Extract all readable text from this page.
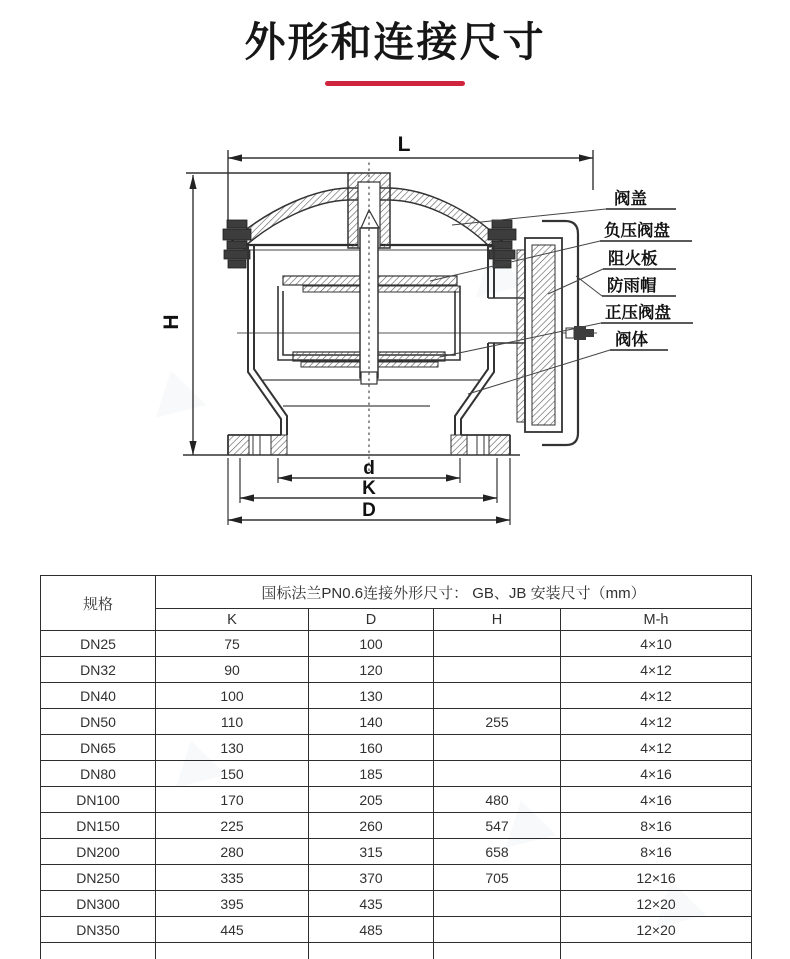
外形和连接尺寸
L
H
d
K
D
阀盖
负压阀盘
阻火板
防雨帽
正压阀盘
阀体
规格	国标法兰PN0.6连接外形尺寸： GB、JB 安装尺寸（mm）			
	K	D	H	M-h
DN25	75	100		4×10
DN32	90	120		4×12
DN40	100	130		4×12
DN50	110	140	255	4×12
DN65	130	160		4×12
DN80	150	185		4×16
DN100	170	205	480	4×16
DN150	225	260	547	8×16
DN200	280	315	658	8×16
DN250	335	370	705	12×16
DN300	395	435		12×20
DN350	445	485		12×20
